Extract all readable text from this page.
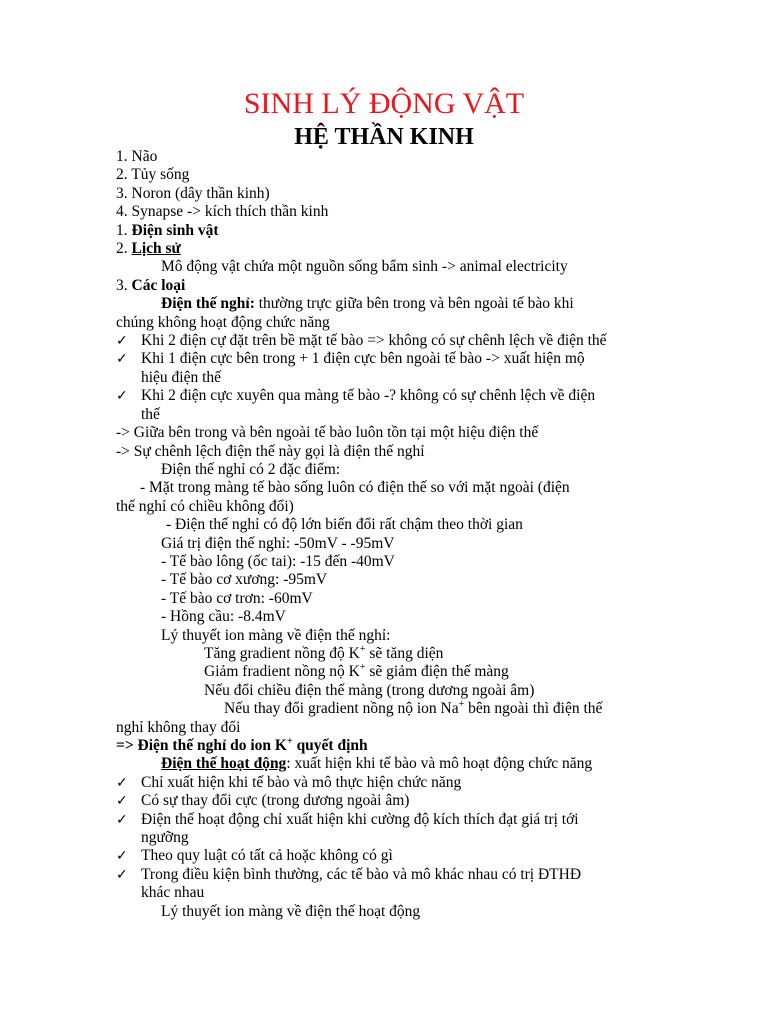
SINH LÝ ĐỘNG VẬT
HỆ THẦN KINH
1. Não
2. Tủy sống
3. Noron (dây thần kinh)
4. Synapse -> kích thích thần kinh
1. Điện sinh vật
2. Lịch sử
Mô động vật chứa một nguồn sống bẩm sinh -> animal electricity
3. Các loại
Điện thế nghỉ: thường trực giữa bên trong và bên ngoài tế bào khi
chúng không hoạt động chức năng
✓ Khi 2 điện cự đặt trên bề mặt tế bào => không có sự chênh lệch về điện thế
✓ Khi 1 điện cực bên trong + 1 điện cực bên ngoài tế bào -> xuất hiện mộ
hiệu điện thế
✓ Khi 2 điện cực xuyên qua màng tế bào -? không có sự chênh lệch về điện
thế
-> Giữa bên trong và bên ngoài tế bào luôn tồn tại một hiệu điện thế
-> Sự chênh lệch điện thế này gọi là điện thế nghỉ
Điện thế nghỉ có 2 đặc điểm:
- Mặt trong màng tế bào sống luôn có điện thế so với mặt ngoài (điện
thế nghỉ có chiều không đổi)
- Điện thế nghỉ có độ lớn biến đổi rất chậm theo thời gian
Giá trị điện thế nghỉ: -50mV - -95mV
- Tế bào lông (ốc tai): -15 đến -40mV
- Tế bào cơ xương: -95mV
- Tế bào cơ trơn: -60mV
- Hồng cầu: -8.4mV
Lý thuyết ion màng về điện thế nghỉ:
Tăng gradient nồng độ K+ sẽ tăng diện
Giảm fradient nồng nộ K+ sẽ giảm điện thế màng
Nếu đổi chiều điện thế màng (trong dương ngoài âm)
Nếu thay đổi gradient nồng nộ ion Na+ bên ngoài thì điện thế
nghỉ không thay đổi
=> Điện thế nghỉ do ion K+ quyết định
Điện thế hoạt động: xuất hiện khi tế bào và mô hoạt động chức năng
✓ Chỉ xuất hiện khi tế bào và mô thực hiện chức năng
✓ Có sự thay đổi cực (trong dương ngoài âm)
✓ Điện thế hoạt động chỉ xuất hiện khi cường độ kích thích đạt giá trị tới
ngưỡng
✓ Theo quy luật có tất cả hoặc không có gì
✓ Trong điều kiện bình thường, các tế bào và mô khác nhau có trị ĐTHĐ
khác nhau
Lý thuyết ion màng về điện thế hoạt động
